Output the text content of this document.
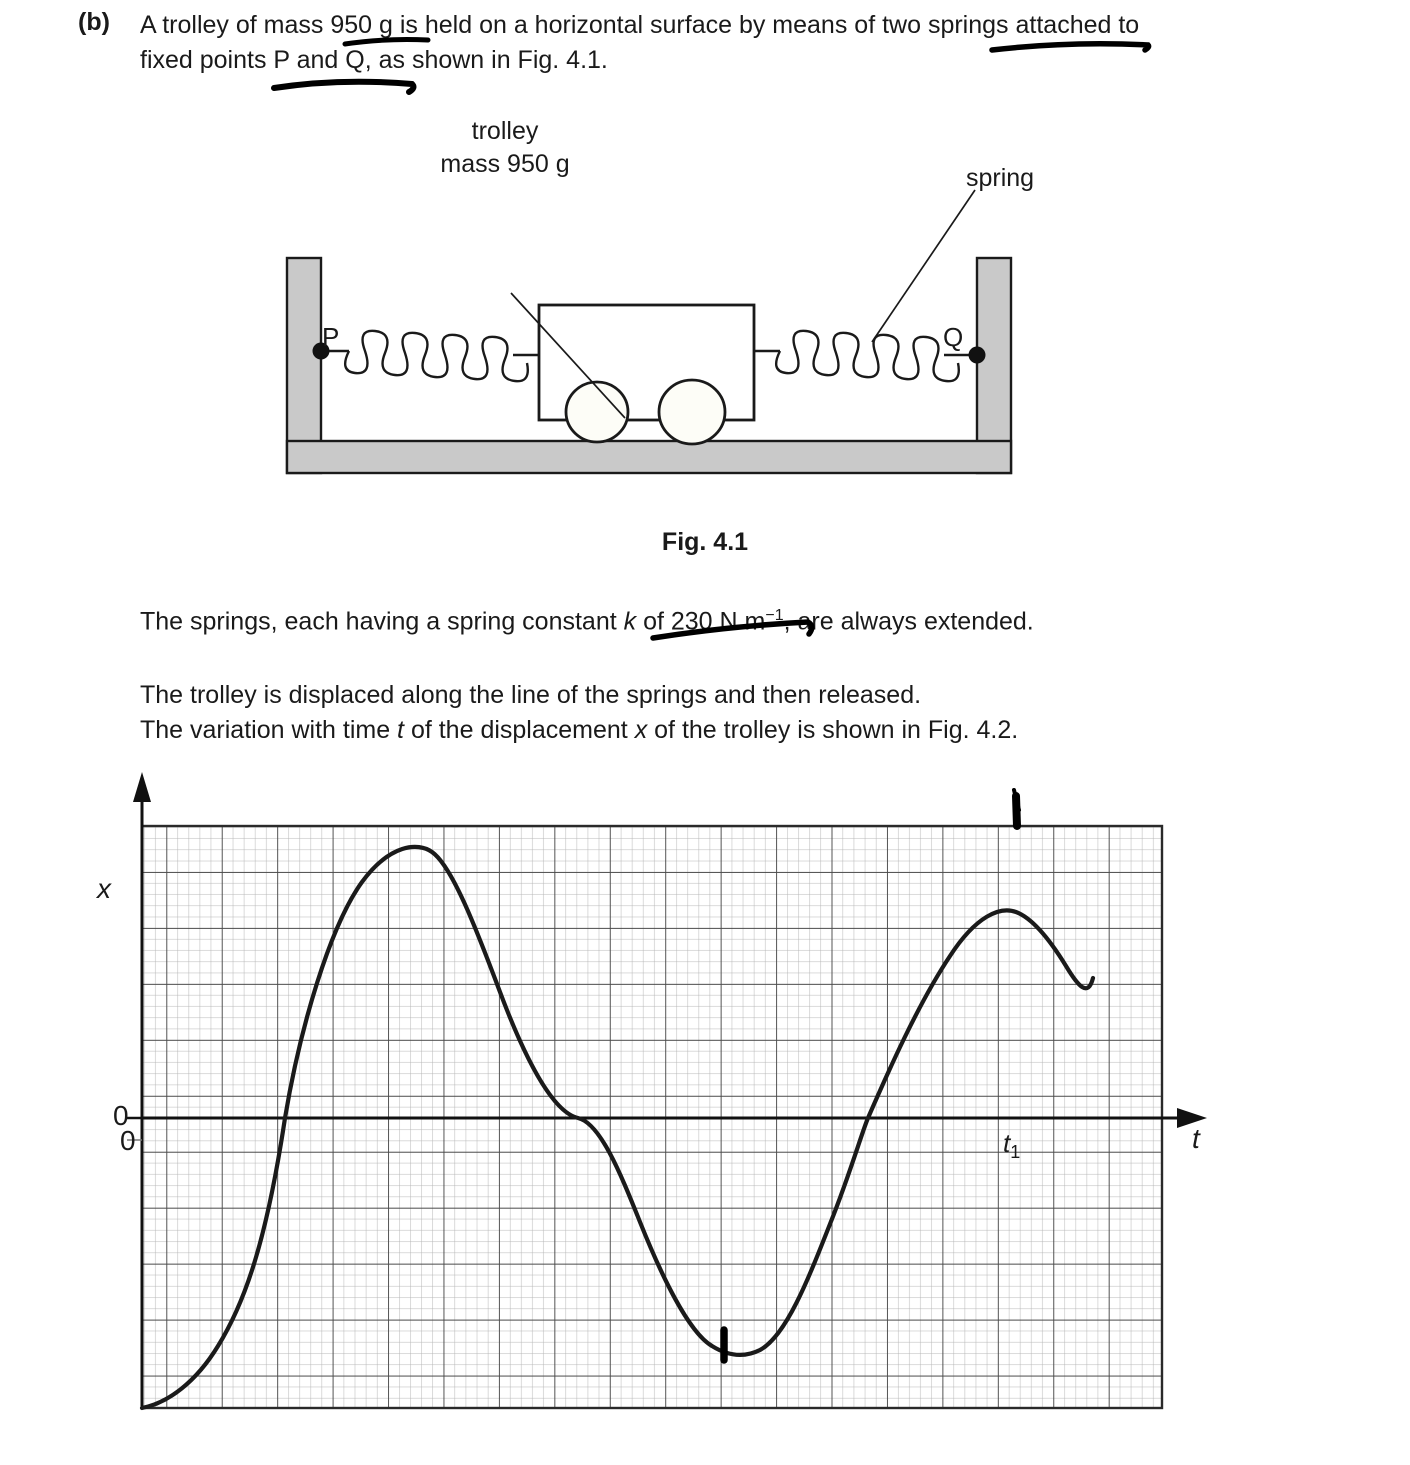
(b) A trolley of mass 950 g is held on a horizontal surface by means of two springs attached to
fixed points P and Q, as shown in Fig. 4.1.
trolley
mass 950 g	spring
P	Q
Fig. 4.1
The springs, each having a spring constant k of 230 N $m^{-1}$, are always extended.
The trolley is displaced along the line of the springs and then released.
The variation with time t of the displacement x of the trolley is shown in Fig. 4.2.
x
t
0
0	$t_1$
